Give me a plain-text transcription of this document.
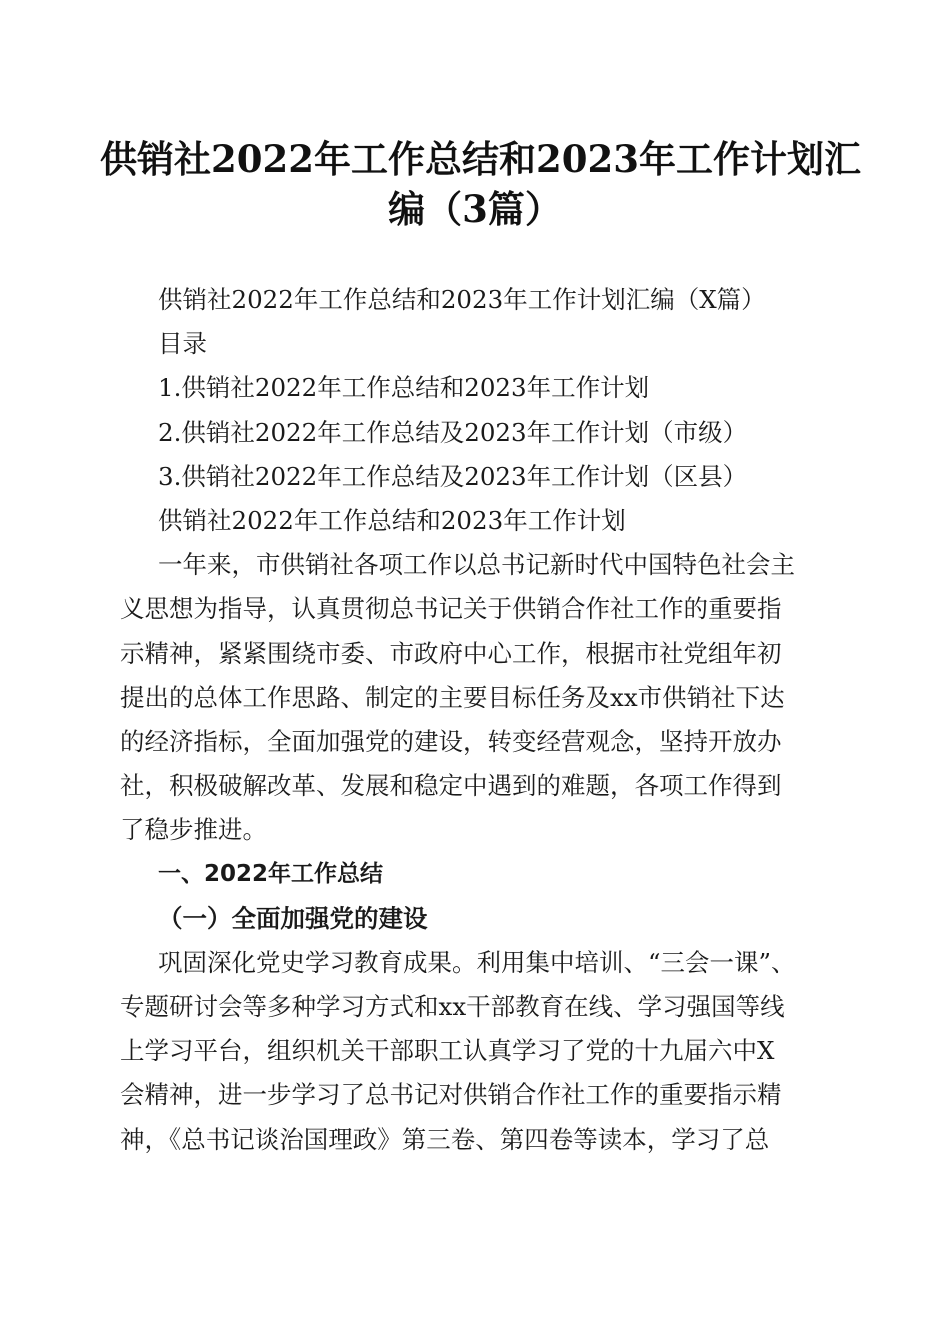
供销社2022年工作总结和2023年工作计划汇
编（3篇）
供销社2022年工作总结和2023年工作计划汇编（X篇）
目录
1.供销社2022年工作总结和2023年工作计划
2.供销社2022年工作总结及2023年工作计划（市级）
3.供销社2022年工作总结及2023年工作计划（区县）
供销社2022年工作总结和2023年工作计划
一年来，市供销社各项工作以总书记新时代中国特色社会主
义思想为指导，认真贯彻总书记关于供销合作社工作的重要指
示精神，紧紧围绕市委、市政府中心工作，根据市社党组年初
提出的总体工作思路、制定的主要目标任务及xx市供销社下达
的经济指标，全面加强党的建设，转变经营观念，坚持开放办
社，积极破解改革、发展和稳定中遇到的难题，各项工作得到
了稳步推进。
一、2022年工作总结
（一）全面加强党的建设
巩固深化党史学习教育成果。利用集中培训、“三会一课”、
专题研讨会等多种学习方式和xx干部教育在线、学习强国等线
上学习平台，组织机关干部职工认真学习了党的十九届六中X
会精神，进一步学习了总书记对供销合作社工作的重要指示精
神，《总书记谈治国理政》第三卷、第四卷等读本，学习了总
